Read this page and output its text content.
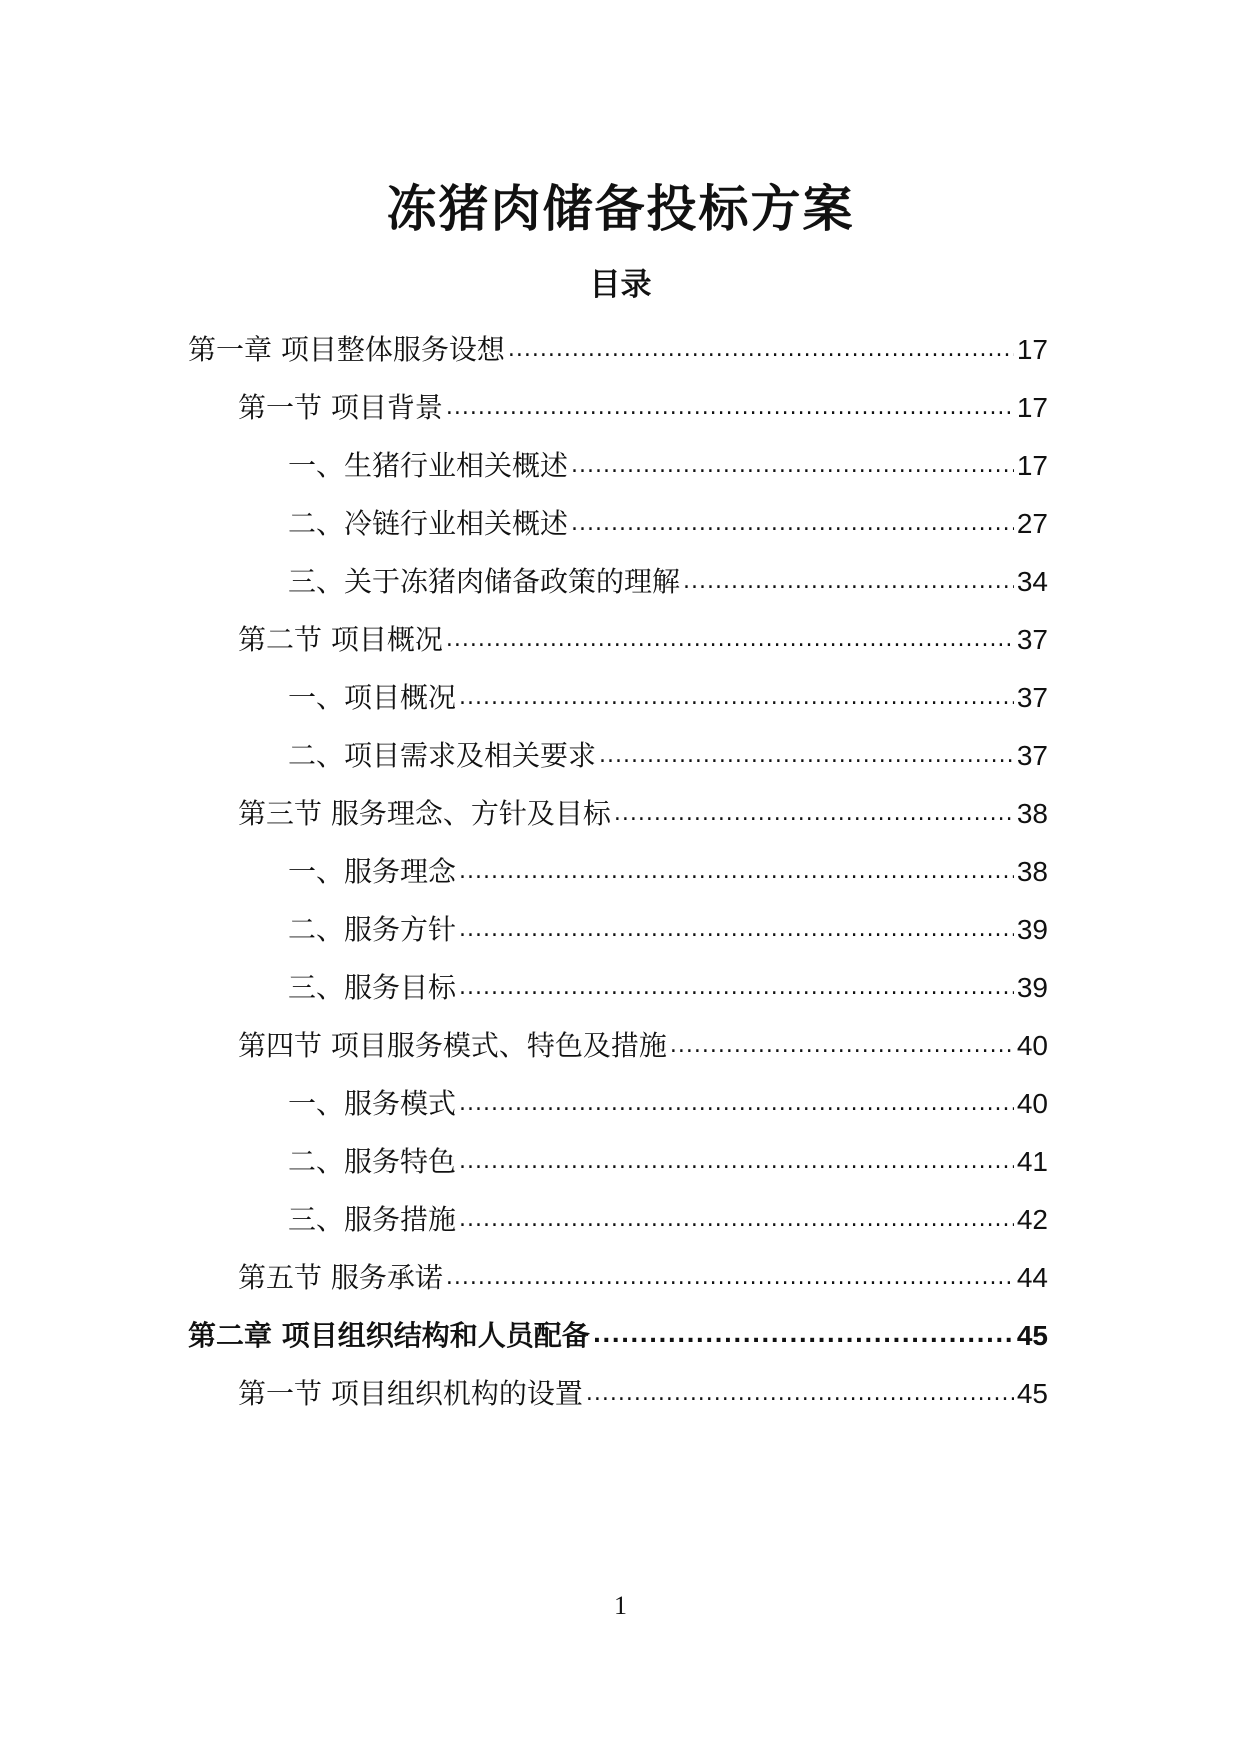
冻猪肉储备投标方案
目录
第一章 项目整体服务设想 .....	17
第一节 项目背景 .....	17
一、生猪行业相关概述 .....	17
二、冷链行业相关概述 .....	27
三、关于冻猪肉储备政策的理解 .....	34
第二节 项目概况 .....	37
一、项目概况 .....	37
二、项目需求及相关要求 .....	37
第三节 服务理念、方针及目标 .....	38
一、服务理念 .....	38
二、服务方针 .....	39
三、服务目标 .....	39
第四节 项目服务模式、特色及措施 .....	40
一、服务模式 .....	40
二、服务特色 .....	41
三、服务措施 .....	42
第五节 服务承诺 .....	44
第二章 项目组织结构和人员配备 .....	45
第一节 项目组织机构的设置 .....	45
1
